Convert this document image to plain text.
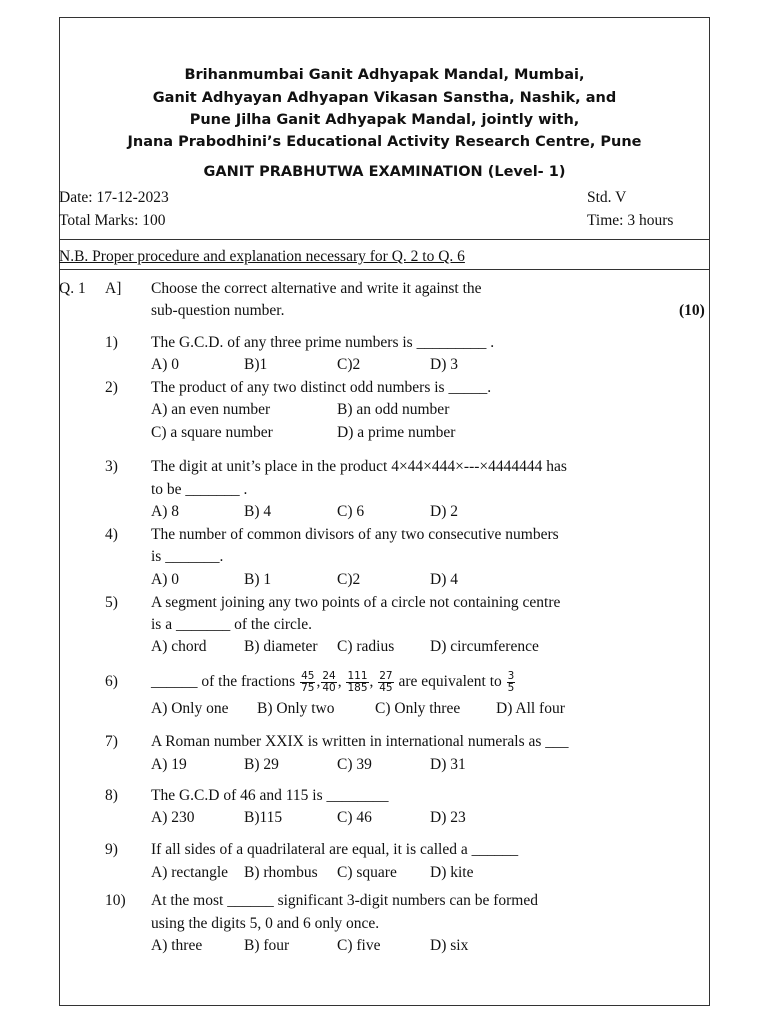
Brihanmumbai Ganit Adhyapak Mandal, Mumbai,
Ganit Adhyayan Adhyapan Vikasan Sanstha, Nashik, and
Pune Jilha Ganit Adhyapak Mandal, jointly with,
Jnana Prabodhini’s Educational Activity Research Centre, Pune
GANIT PRABHUTWA EXAMINATION (Level- 1)
Date: 17-12-2023	Std. V
Total Marks: 100	Time: 3 hours
N.B. Proper procedure and explanation necessary for Q. 2 to Q. 6
Q. 1 A] Choose the correct alternative and write it against the
sub-question number.	(10)
1) The G.C.D. of any three prime numbers is _________ .
A) 0	B)1	C)2	D) 3
2) The product of any two distinct odd numbers is _____.
A) an even number	B) an odd number
C) a square number	D) a prime number
3) The digit at unit’s place in the product 4×44×444×---×4444444 has
to be _______ .
A) 8	B) 4	C) 6	D) 2
4) The number of common divisors of any two consecutive numbers
is _______.
A) 0	B) 1	C)2	D) 4
5) A segment joining any two points of a circle not containing centre
is a _______ of the circle.
A) chord B) diameter C) radius D) circumference
6) ______ of the fractions $\frac{45}{75}$ , $\frac{24}{40}$ , $\frac{111}{185}$ , $\frac{27}{45}$ are equivalent to $\frac{3}{5}$
A) Only one B) Only two	C) Only three D) All four
7) A Roman number XXIX is written in international numerals as ___
A) 19	B) 29	C) 39	D) 31
8) The G.C.D of 46 and 115 is ________
A) 230	B)115	C) 46	D) 23
9) If all sides of a quadrilateral are equal, it is called a ______
A) rectangle B) rhombus C) square D) kite
10) At the most ______ significant 3-digit numbers can be formed
using the digits 5, 0 and 6 only once.
A) three	B) four	C) five	D) six
